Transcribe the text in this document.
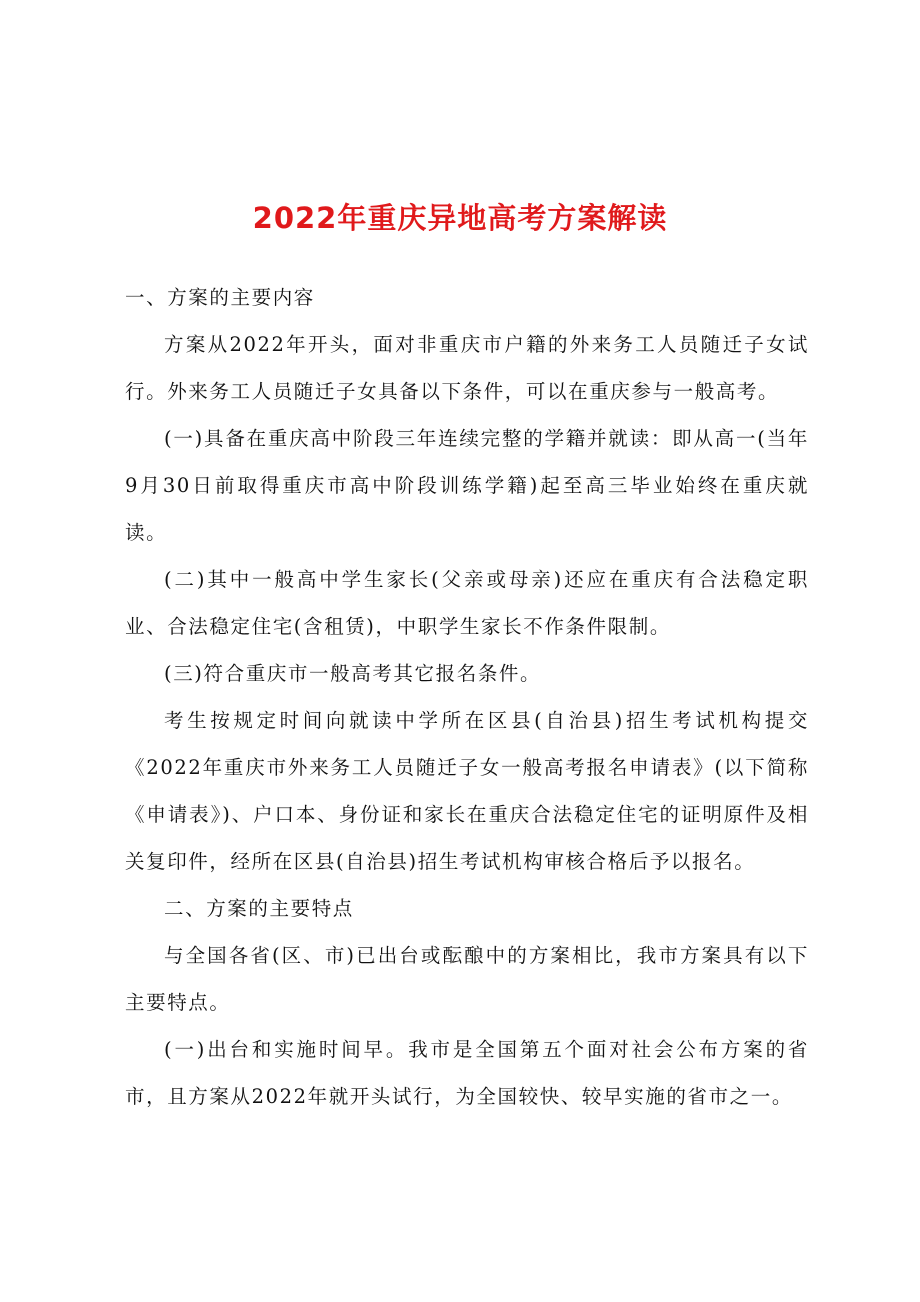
2022年重庆异地高考方案解读

一、方案的主要内容

方案从2022年开头，面对非重庆市户籍的外来务工人员随迁子女试行。外来务工人员随迁子女具备以下条件，可以在重庆参与一般高考。

(一)具备在重庆高中阶段三年连续完整的学籍并就读：即从高一(当年9月30日前取得重庆市高中阶段训练学籍)起至高三毕业始终在重庆就读。

(二)其中一般高中学生家长(父亲或母亲)还应在重庆有合法稳定职业、合法稳定住宅(含租赁)，中职学生家长不作条件限制。

(三)符合重庆市一般高考其它报名条件。

考生按规定时间向就读中学所在区县(自治县)招生考试机构提交《2022年重庆市外来务工人员随迁子女一般高考报名申请表》(以下简称《申请表》)、户口本、身份证和家长在重庆合法稳定住宅的证明原件及相关复印件，经所在区县(自治县)招生考试机构审核合格后予以报名。

二、方案的主要特点

与全国各省(区、市)已出台或酝酿中的方案相比，我市方案具有以下主要特点。

(一)出台和实施时间早。我市是全国第五个面对社会公布方案的省市，且方案从2022年就开头试行，为全国较快、较早实施的省市之一。
